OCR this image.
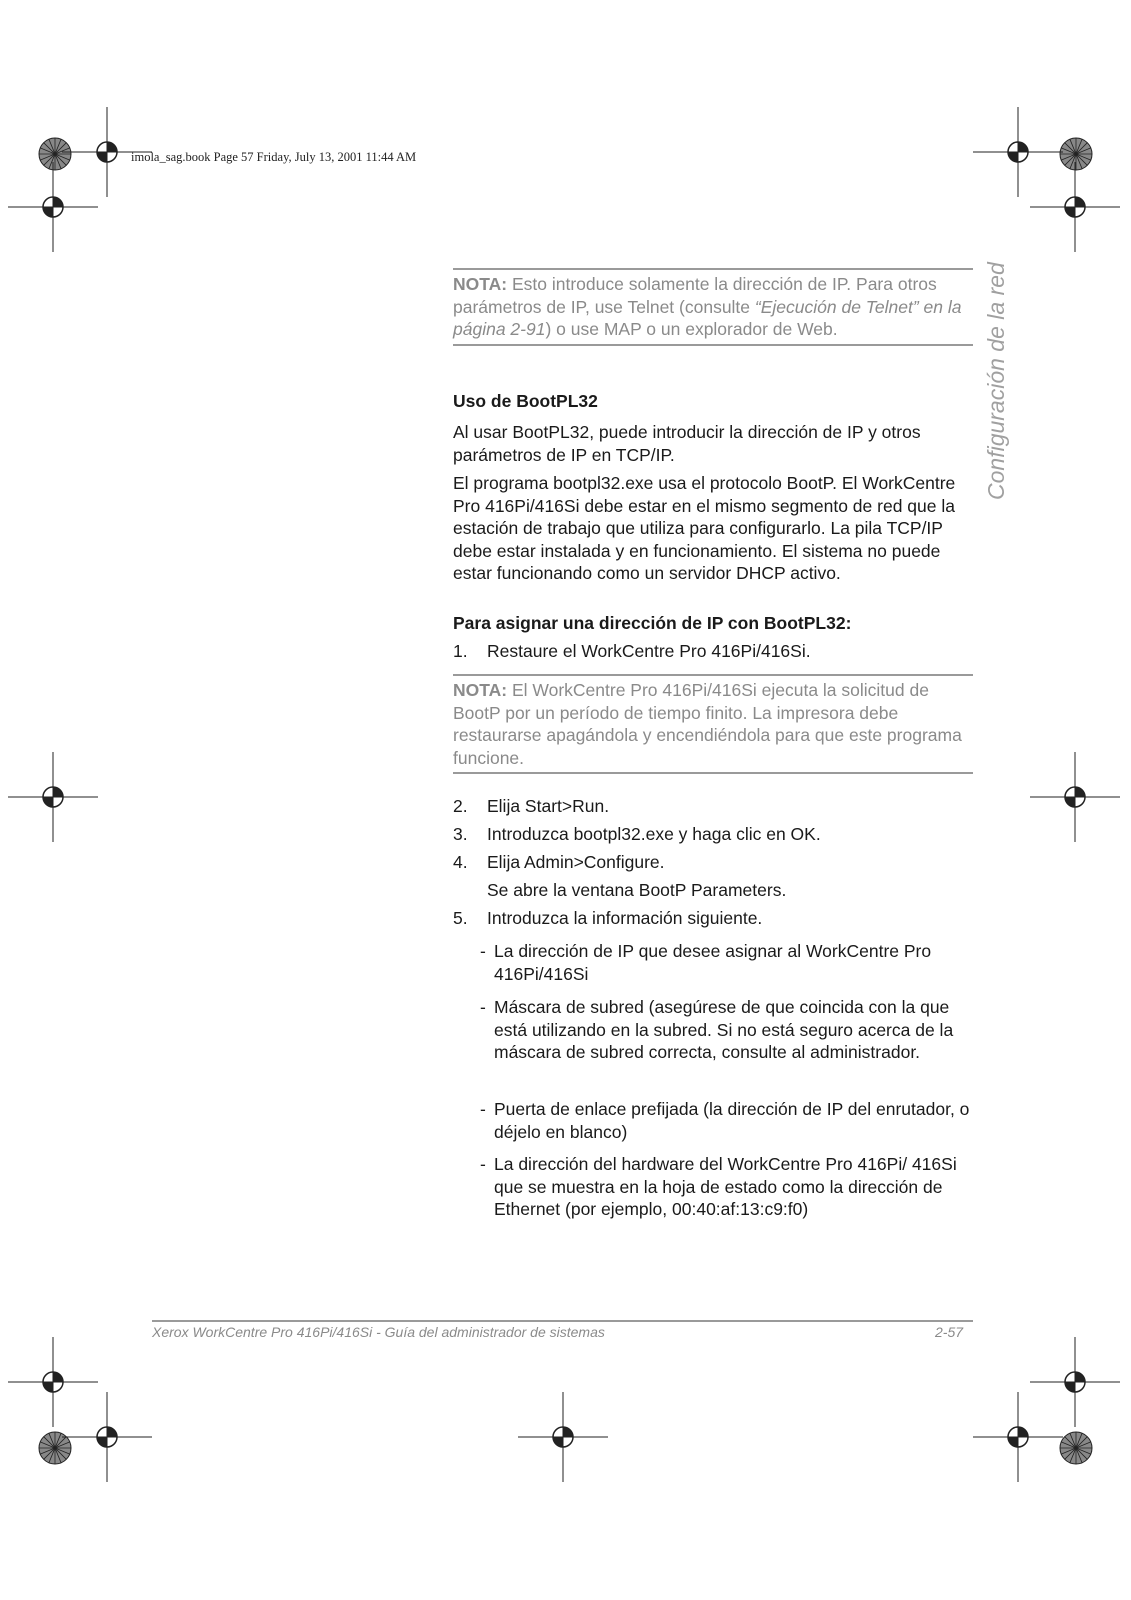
imola_sag.book Page 57 Friday, July 13, 2001 11:44 AM
Configuración de la red
NOTA: Esto introduce solamente la dirección de IP. Para otros parámetros de IP, use Telnet (consulte “Ejecución de Telnet” en la página 2-91) o use MAP o un explorador de Web.
Uso de BootPL32

Al usar BootPL32, puede introducir la dirección de IP y otros parámetros de IP en TCP/IP.

El programa bootpl32.exe usa el protocolo BootP. El WorkCentre Pro 416Pi/416Si debe estar en el mismo segmento de red que la estación de trabajo que utiliza para configurarlo. La pila TCP/IP debe estar instalada y en funcionamiento. El sistema no puede estar funcionando como un servidor DHCP activo.

Para asignar una dirección de IP con BootPL32:
1. Restaure el WorkCentre Pro 416Pi/416Si.
NOTA: El WorkCentre Pro 416Pi/416Si ejecuta la solicitud de BootP por un período de tiempo finito. La impresora debe restaurarse apagándola y encendiéndola para que este programa funcione.
2. Elija Start>Run.
3. Introduzca bootpl32.exe y haga clic en OK.
4. Elija Admin>Configure.
Se abre la ventana BootP Parameters.
5. Introduzca la información siguiente.
- La dirección de IP que desee asignar al WorkCentre Pro 416Pi/416Si
- Máscara de subred (asegúrese de que coincida con la que está utilizando en la subred. Si no está seguro acerca de la máscara de subred correcta, consulte al administrador.
- Puerta de enlace prefijada (la dirección de IP del enrutador, o déjelo en blanco)
- La dirección del hardware del WorkCentre Pro 416Pi/ 416Si que se muestra en la hoja de estado como la dirección de Ethernet (por ejemplo, 00:40:af:13:c9:f0)
Xerox WorkCentre Pro 416Pi/416Si - Guía del administrador de sistemas	2-57
